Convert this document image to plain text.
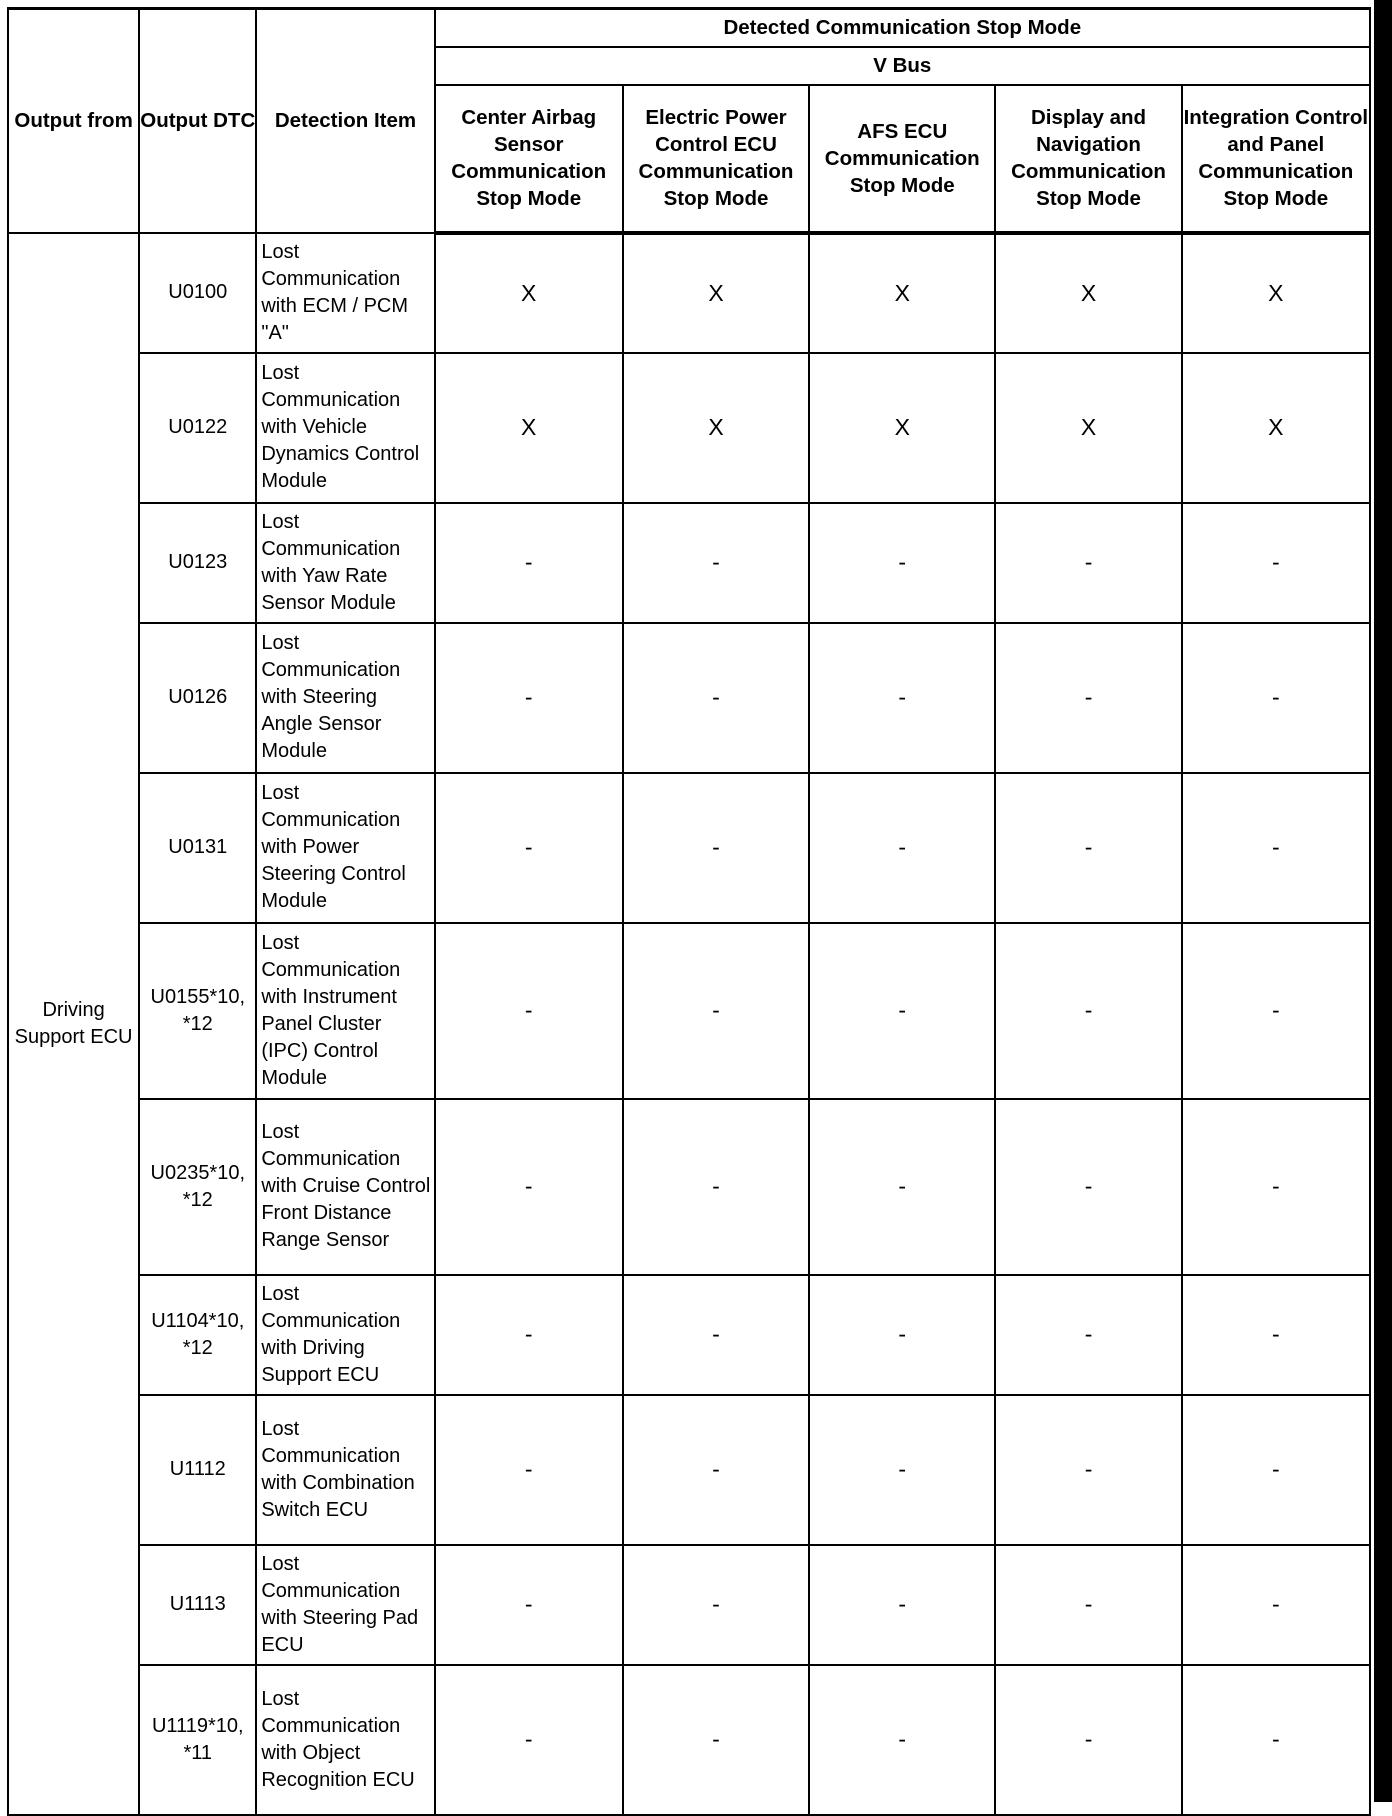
Output from	Output DTC	Detection Item	Detected Communication Stop Mode				
			V Bus				
			Center Airbag Sensor Communication Stop Mode	Electric Power Control ECU Communication Stop Mode	AFS ECU Communication Stop Mode	Display and Navigation Communication Stop Mode	Integration Control and Panel Communication Stop Mode
Driving Support ECU	U0100	Lost Communication with ECM / PCM "A"	X	X	X	X	X
	U0122	Lost Communication with Vehicle Dynamics Control Module	X	X	X	X	X
	U0123	Lost Communication with Yaw Rate Sensor Module	-	-	-	-	-
	U0126	Lost Communication with Steering Angle Sensor Module	-	-	-	-	-
	U0131	Lost Communication with Power Steering Control Module	-	-	-	-	-
	U0155*10, *12	Lost Communication with Instrument Panel Cluster (IPC) Control Module	-	-	-	-	-
	U0235*10, *12	Lost Communication with Cruise Control Front Distance Range Sensor	-	-	-	-	-
	U1104*10, *12	Lost Communication with Driving Support ECU	-	-	-	-	-
	U1112	Lost Communication with Combination Switch ECU	-	-	-	-	-
	U1113	Lost Communication with Steering Pad ECU	-	-	-	-	-
	U1119*10, *11	Lost Communication with Object Recognition ECU	-	-	-	-	-
